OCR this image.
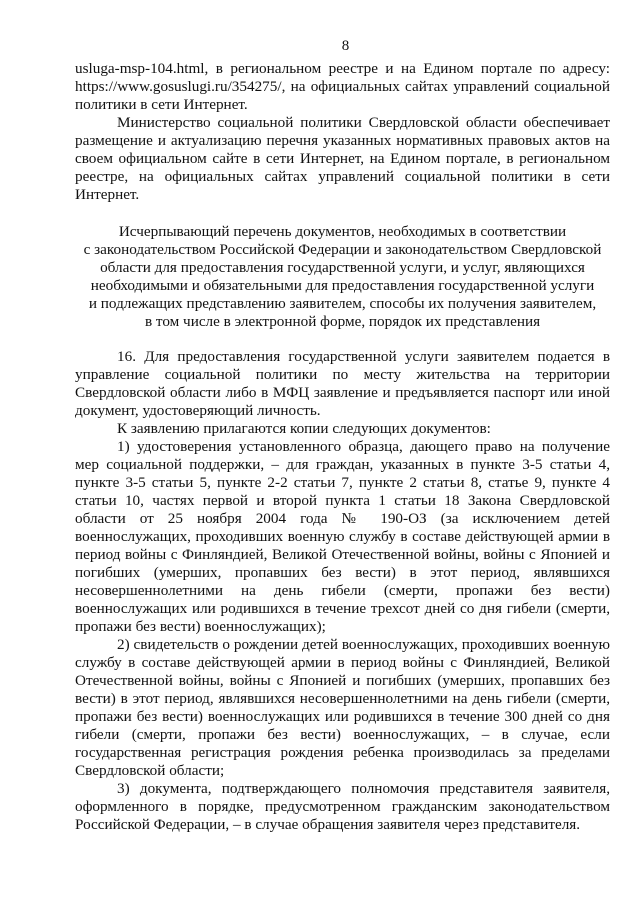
8

usluga-msp-104.html, в региональном реестре и на Едином портале по адресу: https://www.gosuslugi.ru/354275/, на официальных сайтах управлений социальной политики в сети Интернет.

Министерство социальной политики Свердловской области обеспечивает размещение и актуализацию перечня указанных нормативных правовых актов на своем официальном сайте в сети Интернет, на Едином портале, в региональном реестре, на официальных сайтах управлений социальной политики в сети Интернет.

Исчерпывающий перечень документов, необходимых в соответствии
с законодательством Российской Федерации и законодательством Свердловской
области для предоставления государственной услуги, и услуг, являющихся
необходимыми и обязательными для предоставления государственной услуги
и подлежащих представлению заявителем, способы их получения заявителем,
в том числе в электронной форме, порядок их представления

16. Для предоставления государственной услуги заявителем подается в управление социальной политики по месту жительства на территории Свердловской области либо в МФЦ заявление и предъявляется паспорт или иной документ, удостоверяющий личность.

К заявлению прилагаются копии следующих документов:

1) удостоверения установленного образца, дающего право на получение мер социальной поддержки, – для граждан, указанных в пункте 3-5 статьи 4, пункте 3-5 статьи 5, пункте 2-2 статьи 7, пункте 2 статьи 8, статье 9, пункте 4 статьи 10, частях первой и второй пункта 1 статьи 18 Закона Свердловской области от 25 ноября 2004 года № 190-ОЗ (за исключением детей военнослужащих, проходивших военную службу в составе действующей армии в период войны с Финляндией, Великой Отечественной войны, войны с Японией и погибших (умерших, пропавших без вести) в этот период, являвшихся несовершеннолетними на день гибели (смерти, пропажи без вести) военнослужащих или родившихся в течение трехсот дней со дня гибели (смерти, пропажи без вести) военнослужащих);

2) свидетельств о рождении детей военнослужащих, проходивших военную службу в составе действующей армии в период войны с Финляндией, Великой Отечественной войны, войны с Японией и погибших (умерших, пропавших без вести) в этот период, являвшихся несовершеннолетними на день гибели (смерти, пропажи без вести) военнослужащих или родившихся в течение 300 дней со дня гибели (смерти, пропажи без вести) военнослужащих, – в случае, если государственная регистрация рождения ребенка производилась за пределами Свердловской области;

3) документа, подтверждающего полномочия представителя заявителя, оформленного в порядке, предусмотренном гражданским законодательством Российской Федерации, – в случае обращения заявителя через представителя.
